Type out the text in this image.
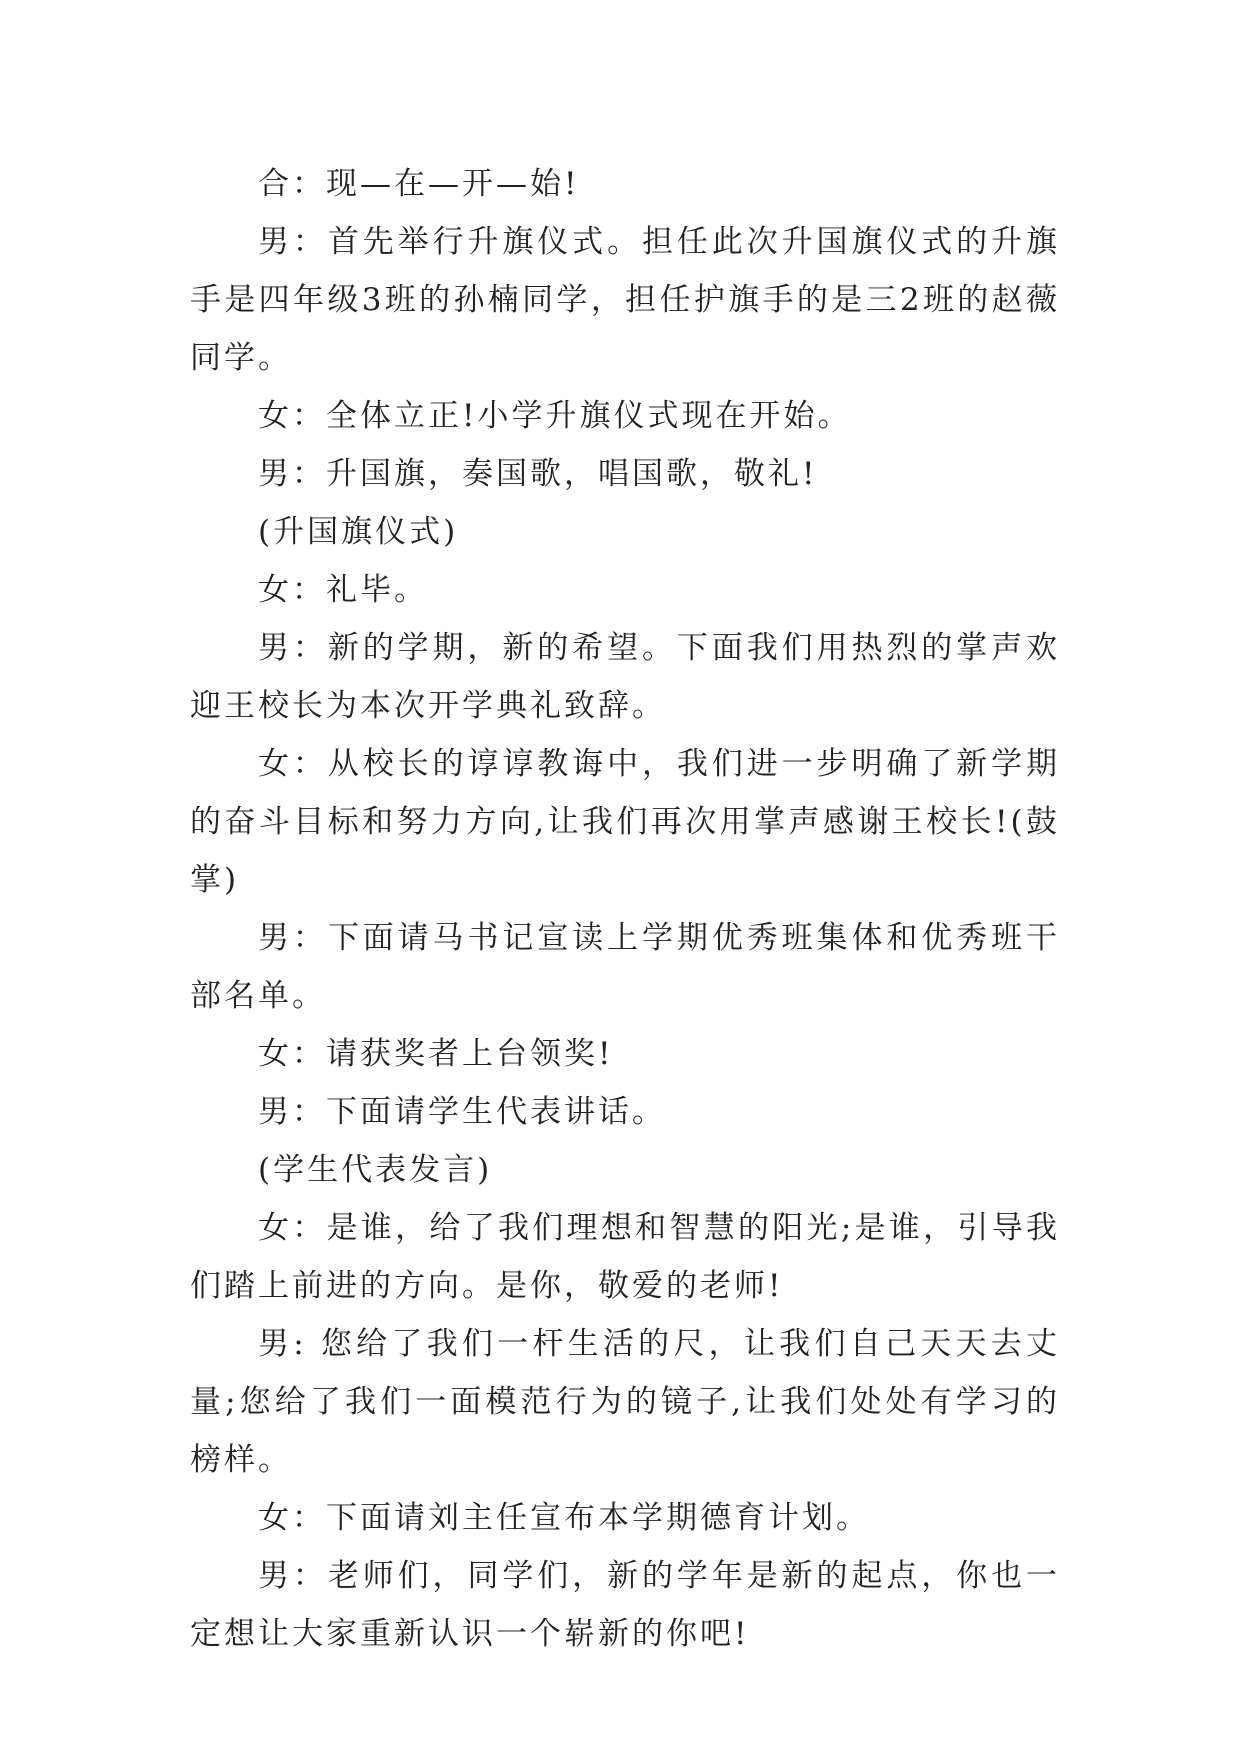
合：现—在—开—始!

男：首先举行升旗仪式。担任此次升国旗仪式的升旗手是四年级3班的孙楠同学，担任护旗手的是三2班的赵薇同学。

女：全体立正!小学升旗仪式现在开始。

男：升国旗，奏国歌，唱国歌，敬礼!

(升国旗仪式)

女：礼毕。

男：新的学期，新的希望。下面我们用热烈的掌声欢迎王校长为本次开学典礼致辞。

女：从校长的谆谆教诲中，我们进一步明确了新学期的奋斗目标和努力方向,让我们再次用掌声感谢王校长!(鼓掌)

男：下面请马书记宣读上学期优秀班集体和优秀班干部名单。

女：请获奖者上台领奖!

男：下面请学生代表讲话。

(学生代表发言)

女：是谁，给了我们理想和智慧的阳光;是谁，引导我们踏上前进的方向。是你，敬爱的老师!

男: 您给了我们一杆生活的尺，让我们自己天天去丈量;您给了我们一面模范行为的镜子,让我们处处有学习的榜样。

女：下面请刘主任宣布本学期德育计划。

男：老师们，同学们，新的学年是新的起点，你也一定想让大家重新认识一个崭新的你吧!
